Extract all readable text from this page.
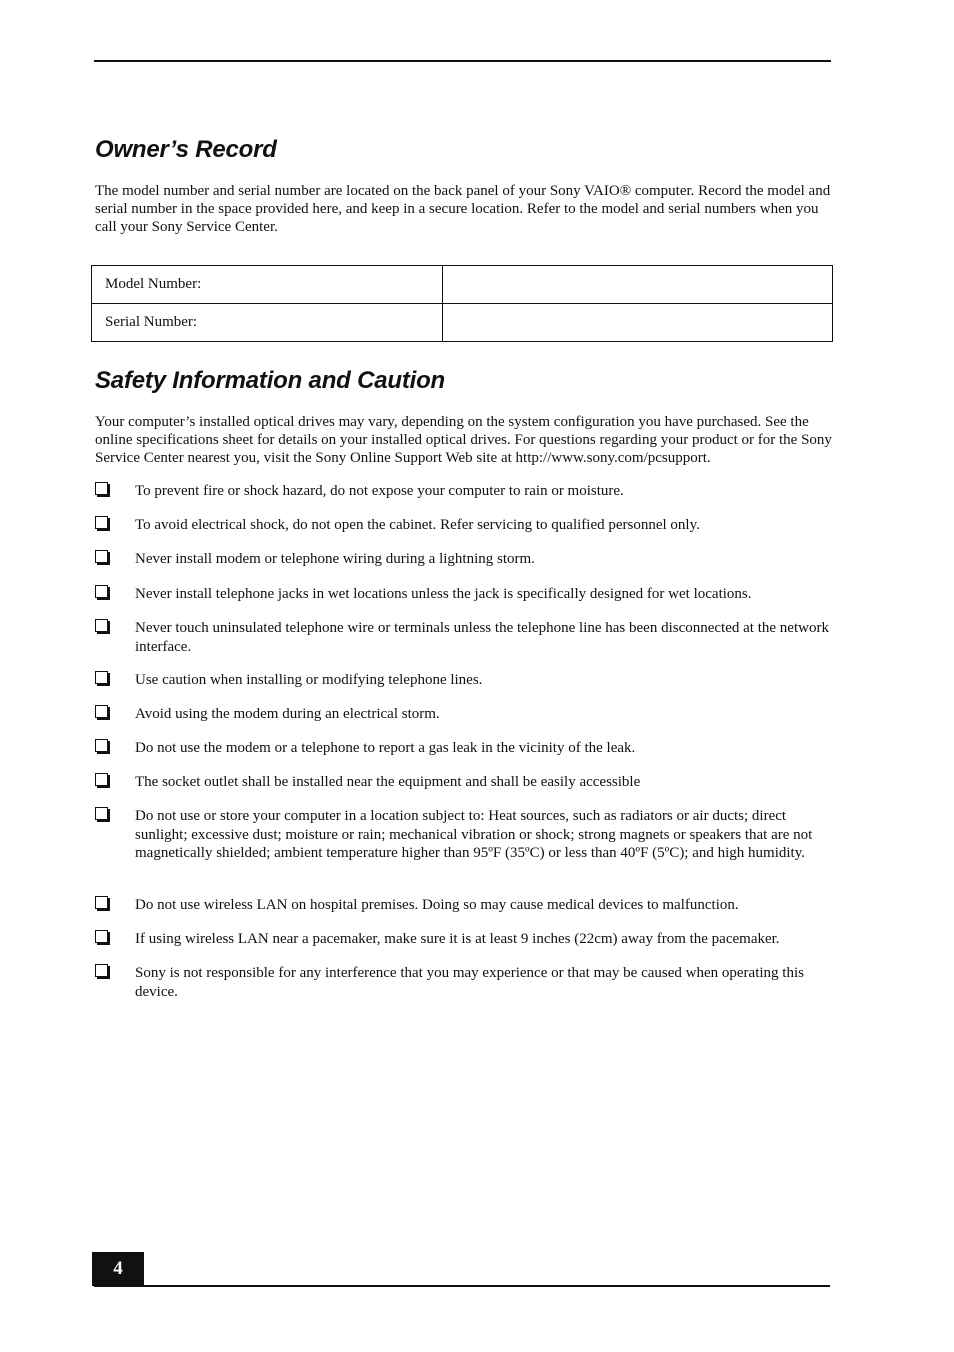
Owner’s Record

The model number and serial number are located on the back panel of your Sony VAIO® computer. Record the model and serial number in the space provided here, and keep in a secure location. Refer to the model and serial numbers when you call your Sony Service Center.

Model Number:	
Serial Number:	
Safety Information and Caution

Your computer’s installed optical drives may vary, depending on the system configuration you have purchased. See the online specifications sheet for details on your installed optical drives. For questions regarding your product or for the Sony Service Center nearest you, visit the Sony Online Support Web site at http://www.sony.com/pcsupport.

To prevent fire or shock hazard, do not expose your computer to rain or moisture.
To avoid electrical shock, do not open the cabinet. Refer servicing to qualified personnel only.
Never install modem or telephone wiring during a lightning storm.
Never install telephone jacks in wet locations unless the jack is specifically designed for wet locations.
Never touch uninsulated telephone wire or terminals unless the telephone line has been disconnected at the network interface.
Use caution when installing or modifying telephone lines.
Avoid using the modem during an electrical storm.
Do not use the modem or a telephone to report a gas leak in the vicinity of the leak.
The socket outlet shall be installed near the equipment and shall be easily accessible
Do not use or store your computer in a location subject to: Heat sources, such as radiators or air ducts; direct sunlight; excessive dust; moisture or rain; mechanical vibration or shock; strong magnets or speakers that are not magnetically shielded; ambient temperature higher than 95ºF (35ºC) or less than 40ºF (5ºC); and high humidity.
Do not use wireless LAN on hospital premises. Doing so may cause medical devices to malfunction.
If using wireless LAN near a pacemaker, make sure it is at least 9 inches (22cm) away from the pacemaker.
Sony is not responsible for any interference that you may experience or that may be caused when operating this device.
4
